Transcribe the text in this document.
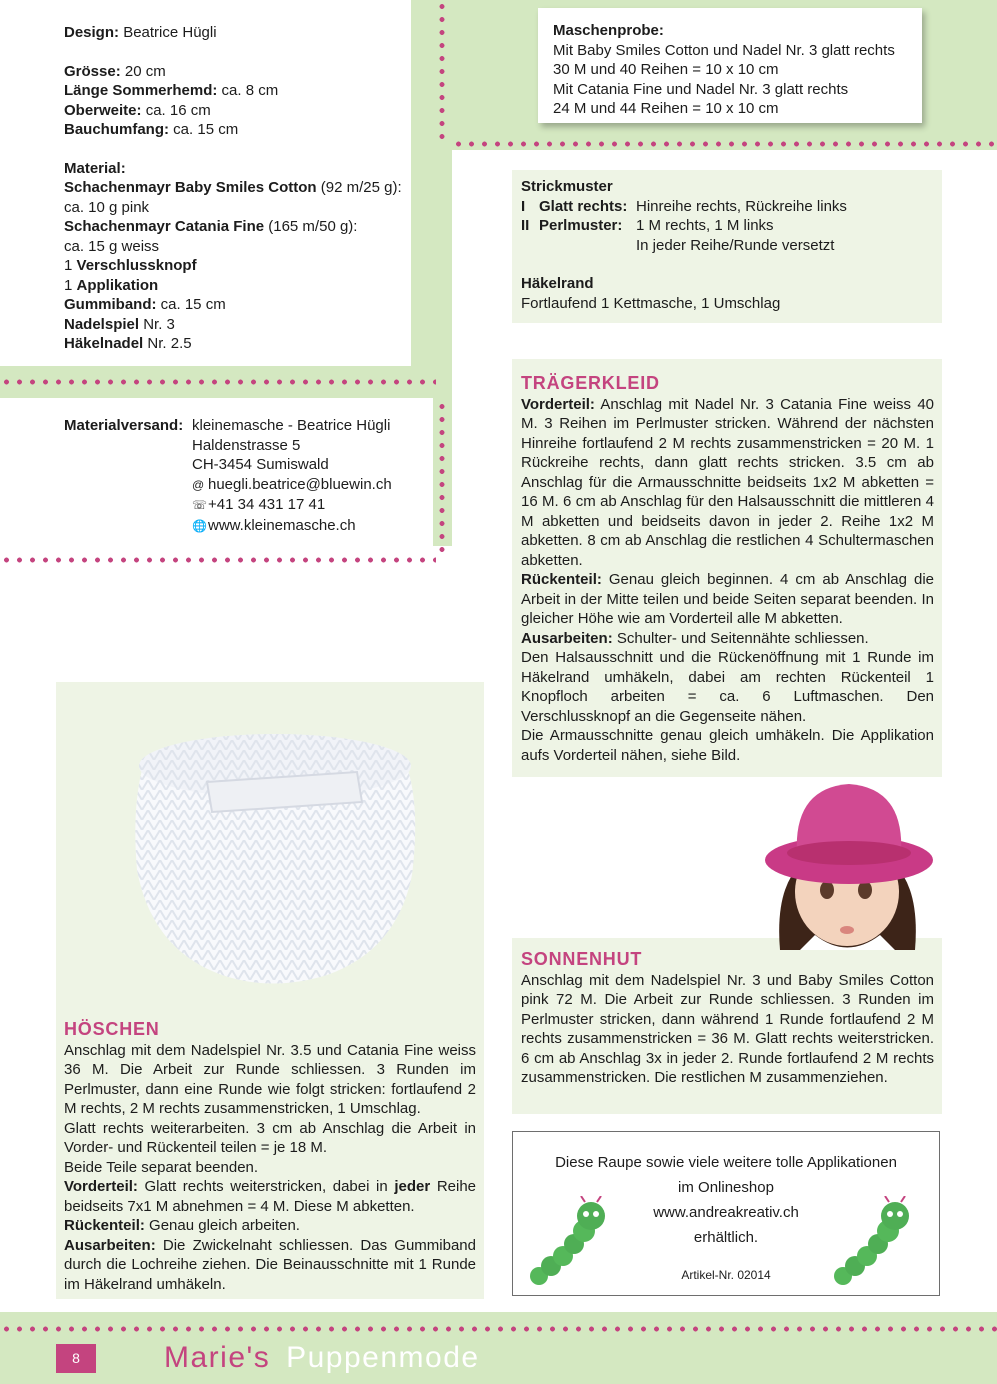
Design: Beatrice Hügli

Grösse: 20 cm

Länge Sommerhemd: ca. 8 cm

Oberweite: ca. 16 cm

Bauchumfang: ca. 15 cm

Material:

Schachenmayr Baby Smiles Cotton (92 m/25 g):

ca. 10 g pink

Schachenmayr Catania Fine (165 m/50 g):

ca. 15 g weiss

1 Verschlussknopf

1 Applikation

Gummiband: ca. 15 cm

Nadelspiel Nr. 3

Häkelnadel Nr. 2.5

Materialversand: kleinemasche - Beatrice Hügli

Haldenstrasse 5

CH-3454 Sumiswald

@ huegli.beatrice@bluewin.ch

☏+41 34 431 17 41

🌐www.kleinemasche.ch

Maschenprobe:

Mit Baby Smiles Cotton und Nadel Nr. 3 glatt rechts

30 M und 40 Reihen = 10 x 10 cm

Mit Catania Fine und Nadel Nr. 3 glatt rechts

24 M und 44 Reihen = 10 x 10 cm

Strickmuster

I	Glatt rechts:	Hinreihe rechts, Rückreihe links
II	Perlmuster:	1 M rechts, 1 M links
		In jeder Reihe/Runde versetzt

Häkelrand

Fortlaufend 1 Kettmasche, 1 Umschlag

TRÄGERKLEID

Vorderteil: Anschlag mit Nadel Nr. 3 Catania Fine weiss 40 M. 3 Reihen im Perlmuster stricken. Während der nächsten Hinreihe fortlaufend 2 M rechts zusammenstricken = 20 M. 1 Rückreihe rechts, dann glatt rechts stricken. 3.5 cm ab Anschlag für die Armausschnitte beidseits 1x2 M abketten = 16 M. 6 cm ab Anschlag für den Halsausschnitt die mittleren 4 M abketten und beidseits davon in jeder 2. Reihe 1x2 M abketten. 8 cm ab Anschlag die restlichen 4 Schultermaschen abketten.

Rückenteil: Genau gleich beginnen. 4 cm ab Anschlag die Arbeit in der Mitte teilen und beide Seiten separat beenden. In gleicher Höhe wie am Vorderteil alle M abketten.

Ausarbeiten: Schulter- und Seitennähte schliessen.

Den Halsausschnitt und die Rückenöffnung mit 1 Runde im Häkelrand umhäkeln, dabei am rechten Rückenteil 1 Knopfloch arbeiten = ca. 6 Luftmaschen. Den Verschlussknopf an die Gegenseite nähen.

Die Armausschnitte genau gleich umhäkeln. Die Applikation aufs Vorderteil nähen, siehe Bild.

SONNENHUT

Anschlag mit dem Nadelspiel Nr. 3 und Baby Smiles Cotton pink 72 M. Die Arbeit zur Runde schliessen. 3 Runden im Perlmuster stricken, dann während 1 Runde fortlaufend 2 M rechts zusammenstricken = 36 M. Glatt rechts weiterstricken. 6 cm ab Anschlag 3x in jeder 2. Runde fortlaufend 2 M rechts zusammenstricken. Die restlichen M zusammenziehen.

HÖSCHEN

Anschlag mit dem Nadelspiel Nr. 3.5 und Catania Fine weiss 36 M. Die Arbeit zur Runde schliessen. 3 Runden im Perlmuster, dann eine Runde wie folgt stricken: fortlaufend 2 M rechts, 2 M rechts zusammenstricken, 1 Umschlag.

Glatt rechts weiterarbeiten. 3 cm ab Anschlag die Arbeit in Vorder- und Rückenteil teilen = je 18 M.

Beide Teile separat beenden.

Vorderteil: Glatt rechts weiterstricken, dabei in jeder Reihe beidseits 7x1 M abnehmen = 4 M. Diese M abketten.

Rückenteil: Genau gleich arbeiten.

Ausarbeiten: Die Zwickelnaht schliessen. Das Gummiband durch die Lochreihe ziehen. Die Beinausschnitte mit 1 Runde im Häkelrand umhäkeln.

Diese Raupe sowie viele weitere tolle Applikationen
im Onlineshop
www.andreakreativ.ch
erhältlich.
Artikel-Nr. 02014
8	Marie's Puppenmode
